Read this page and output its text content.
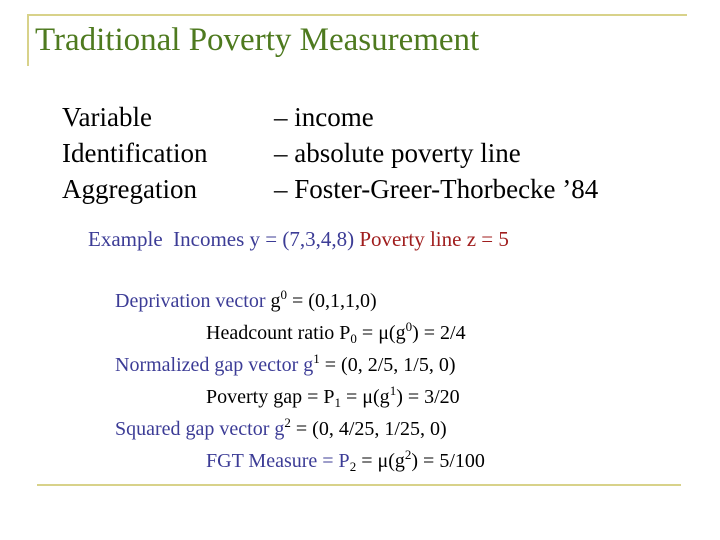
Traditional Poverty Measurement
Variable	– income
Identification – absolute poverty line
Aggregation	– Foster-Greer-Thorbecke ’84
Example Incomes y = (7,3,4,8) Poverty line z = 5
Deprivation vector $g^0 = (0,1,1,0)$
Headcount ratio $P_0 = \mu(g^0) = 2/4$
Normalized gap vector $g^1 = (0$, 2/5, 1/5, 0)
Poverty gap = $P_1 = \mu(g^1) = 3/20$
Squared gap vector $g^2 = (0$, 4/25, 1/25, 0)
FGT Measure = $P_2 = \mu(g^2) = 5/100$
